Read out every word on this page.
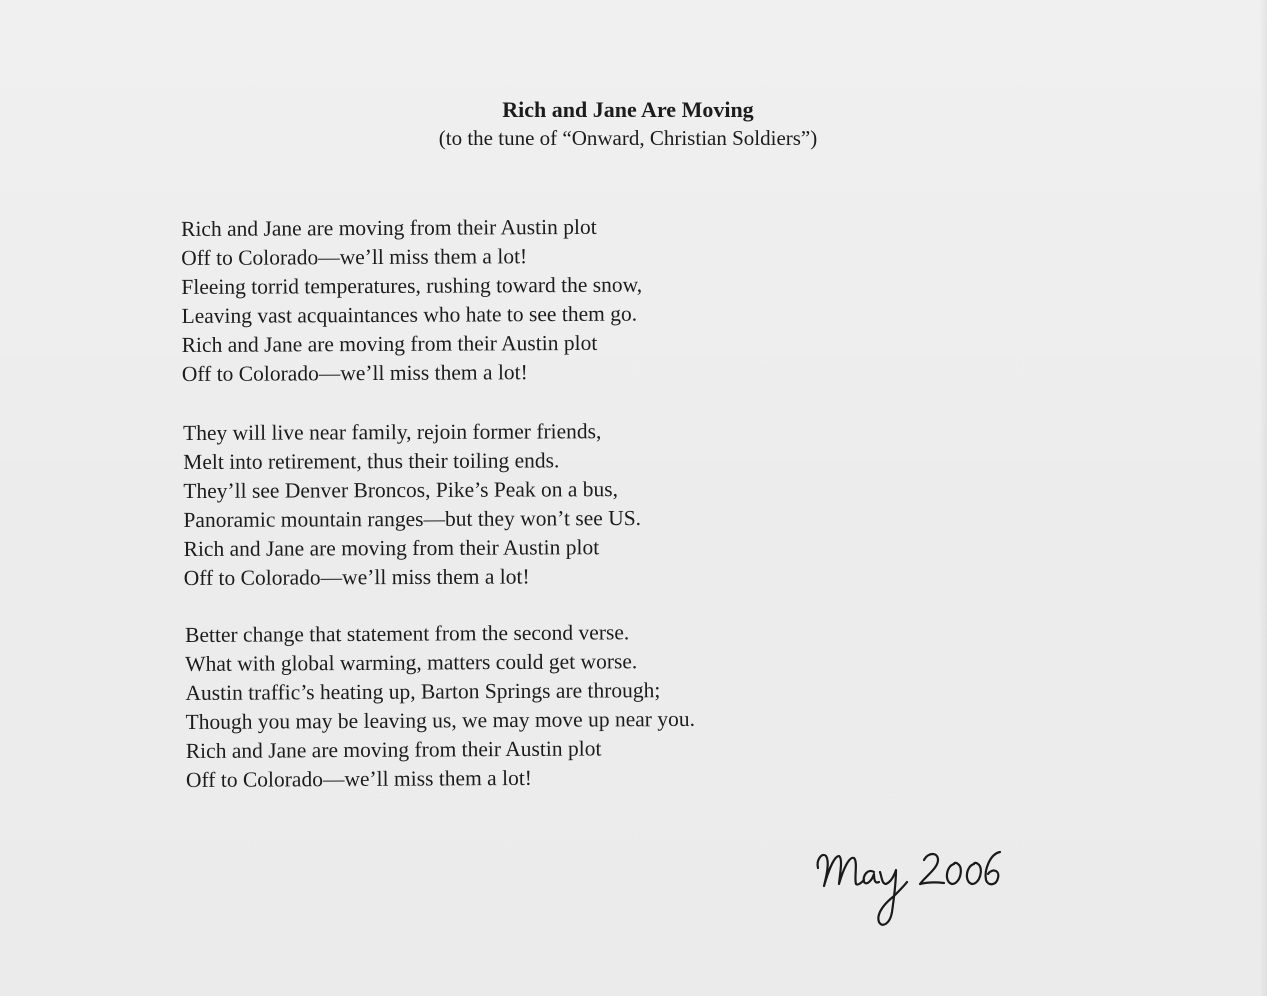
Rich and Jane Are Moving

(to the tune of “Onward, Christian Soldiers”)

Rich and Jane are moving from their Austin plot
Off to Colorado—we’ll miss them a lot!
Fleeing torrid temperatures, rushing toward the snow,
Leaving vast acquaintances who hate to see them go.
Rich and Jane are moving from their Austin plot
Off to Colorado—we’ll miss them a lot!
They will live near family, rejoin former friends,
Melt into retirement, thus their toiling ends.
They’ll see Denver Broncos, Pike’s Peak on a bus,
Panoramic mountain ranges—but they won’t see US.
Rich and Jane are moving from their Austin plot
Off to Colorado—we’ll miss them a lot!
Better change that statement from the second verse.
What with global warming, matters could get worse.
Austin traffic’s heating up, Barton Springs are through;
Though you may be leaving us, we may move up near you.
Rich and Jane are moving from their Austin plot
Off to Colorado—we’ll miss them a lot!
